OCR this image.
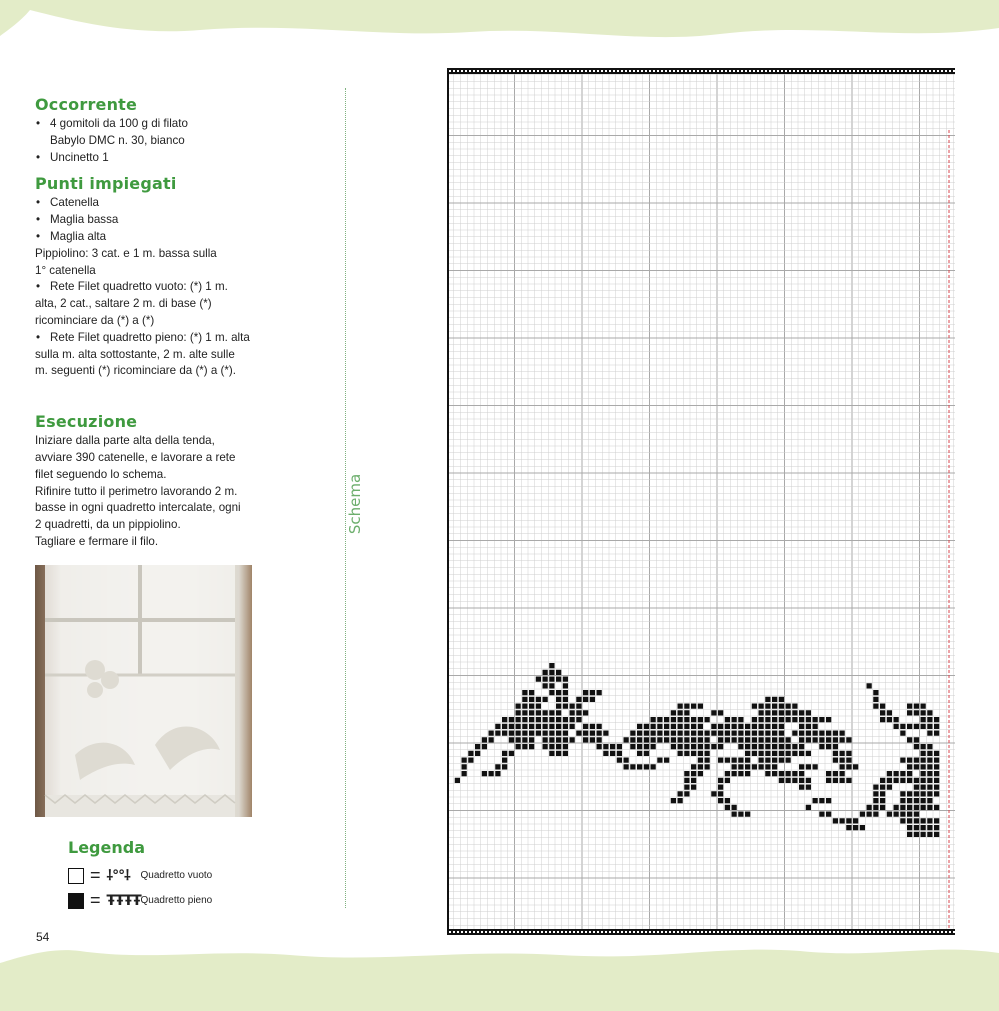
Occorrente

• 4 gomitoli da 100 g di filato
Babylo DMC n. 30, bianco
• Uncinetto 1

Punti impiegati

• Catenella
• Maglia bassa
• Maglia alta
Pippiolino: 3 cat. e 1 m. bassa sulla
1° catenella
• Rete Filet quadretto vuoto: (*) 1 m.
alta, 2 cat., saltare 2 m. di base (*)
ricominciare da (*) a (*)
• Rete Filet quadretto pieno: (*) 1 m. alta
sulla m. alta sottostante, 2 m. alte sulle
m. seguenti (*) ricominciare da (*) a (*).

Esecuzione

Iniziare dalla parte alta della tenda,
avviare 390 catenelle, e lavorare a rete
filet seguendo lo schema.
Rifinire tutto il perimetro lavorando 2 m.
basse in ogni quadretto intercalate, ogni
2 quadretti, da un pippiolino.
Tagliare e fermare il filo.

Legenda
= ⸸°°⸸	Quadretto vuoto
= ŦŦŦŦ Quadretto pieno
Schema
54
